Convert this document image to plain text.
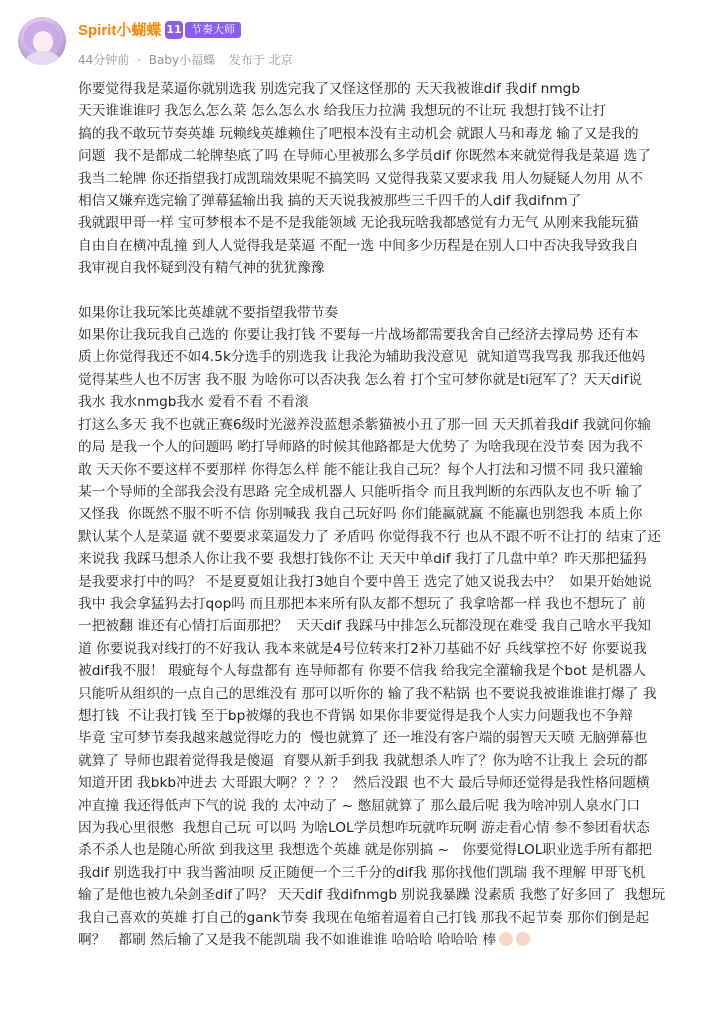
Spirit小蝴蝶 11 节奏大师
44分钟前 · Baby小福蝶 发布于 北京

你要觉得我是菜逼你就别选我 别选完我了又怪这怪那的 天天我被谁dif 我dif nmgb

天天谁谁谁叼 我怎么怎么菜 怎么怎么水 给我压力拉满 我想玩的不让玩 我想打钱不让打

搞的我不敢玩节奏英雄 玩赖线英雄赖住了吧根本没有主动机会 就跟人马和毒龙 输了又是我的

问题  我不是都成二轮牌垫底了吗 在导师心里被那么多学员dif 你既然本来就觉得我是菜逼 选了

我当二轮牌 你还指望我打成凯瑞效果呢不搞笑吗 又觉得我菜又要求我 用人勿疑疑人勿用 从不

相信又嫌弃选完输了弹幕猛输出我 搞的天天说我被那些三千四千的人dif 我difnm了

我就跟甲哥一样 宝可梦根本不是不是我能领域 无论我玩啥我都感觉有力无气 从刚来我能玩猫

自由自在横冲乱撞 到人人觉得我是菜逼 不配一选 中间多少历程是在别人口中否决我导致我自

我审视自我怀疑到没有精气神的犹犹豫豫

如果你让我玩笨比英雄就不要指望我带节奏

如果你让我玩我自己选的 你要让我打钱 不要每一片战场都需要我舍自己经济去撑局势 还有本

质上你觉得我还不如4.5k分选手的别选我 让我沦为辅助我没意见  就知道骂我骂我 那我还他妈

觉得某些人也不厉害 我不服 为啥你可以否决我 怎么着 打个宝可梦你就是ti冠军了？天天dif说

我水 我水nmgb我水 爱看不看 不看滚

打这么多天 我不也就正赛6级时光滋养没蓝想杀紫猫被小丑了那一回 天天抓着我dif 我就问你输

的局 是我一个人的问题吗 哟打导师路的时候其他路都是大优势了 为啥我现在没节奏 因为我不

敢 天天你不要这样不要那样 你得怎么样 能不能让我自己玩？每个人打法和习惯不同 我只灌输

某一个导师的全部我会没有思路 完全成机器人 只能听指令 而且我判断的东西队友也不听 输了

又怪我  你既然不服不听不信 你别喊我 我自己玩好吗 你们能赢就赢 不能赢也别怨我 本质上你

默认某个人是菜逼 就不要要求菜逼发力了 矛盾吗 你觉得我不行 也从不跟不听不让打的 结束了还

来说我 我踩马想杀人你让我不要 我想打钱你不让 天天中单dif 我打了几盘中单？昨天那把猛犸

是我要求打中的吗？ 不是夏夏姐让我打3她自个要中兽王 选完了她又说我去中？  如果开始她说

我中 我会拿猛犸去打qop吗 而且那把本来所有队友都不想玩了 我拿啥都一样 我也不想玩了 前

一把被翻 谁还有心情打后面那把？  天天dif 我踩马中排怎么玩都没现在难受 我自己啥水平我知

道 你要说我对线打的不好我认 我本来就是4号位转来打2补刀基础不好 兵线掌控不好 你要说我

被dif我不服！ 瑕疵每个人每盘都有 连导师都有 你要不信我 给我完全灌输我是个bot 是机器人

只能听从组织的一点自己的思维没有 那可以听你的 输了我不粘锅 也不要说我被谁谁谁打爆了 我

想打钱  不让我打钱 至于bp被爆的我也不背锅 如果你非要觉得是我个人实力问题我也不争辩

毕竟 宝可梦节奏我越来越觉得吃力的  慢也就算了 还一堆没有客户端的弱智天天喷 无脑弹幕也

就算了 导师也跟着觉得我是傻逼  育婴从新手到我 我就想杀人咋了？你为啥不让我上 会玩的都

知道开团 我bkb冲进去 大哥跟大啊？？？？  然后没跟 也不大 最后导师还觉得是我性格问题横

冲直撞 我还得低声下气的说 我的 太冲动了 ~ 憋屈就算了 那么最后呢 我为啥冲别人泉水门口

因为我心里很憋  我想自己玩 可以吗 为啥LOL学员想咋玩就咋玩啊 游走看心情 参不参团看状态

杀不杀人也是随心所欲 到我这里 我想选个英雄 就是你别搞 ~   你要觉得LOL职业选手所有都把

我dif 别选我打中 我当酱油呗 反正随便一个三千分的dif我 那你找他们凯瑞 我不理解 甲哥飞机

输了是他也被九朵剑圣dif了吗？ 天天dif 我difnmgb 别说我暴躁 没素质 我憋了好多回了  我想玩

我自己喜欢的英雄 打自己的gank节奏 我现在龟缩着逼着自己打钱 那我不起节奏 那你们倒是起

啊？   都刷 然后输了又是我不能凯瑞 我不如谁谁谁 哈哈哈 哈哈哈 棒
